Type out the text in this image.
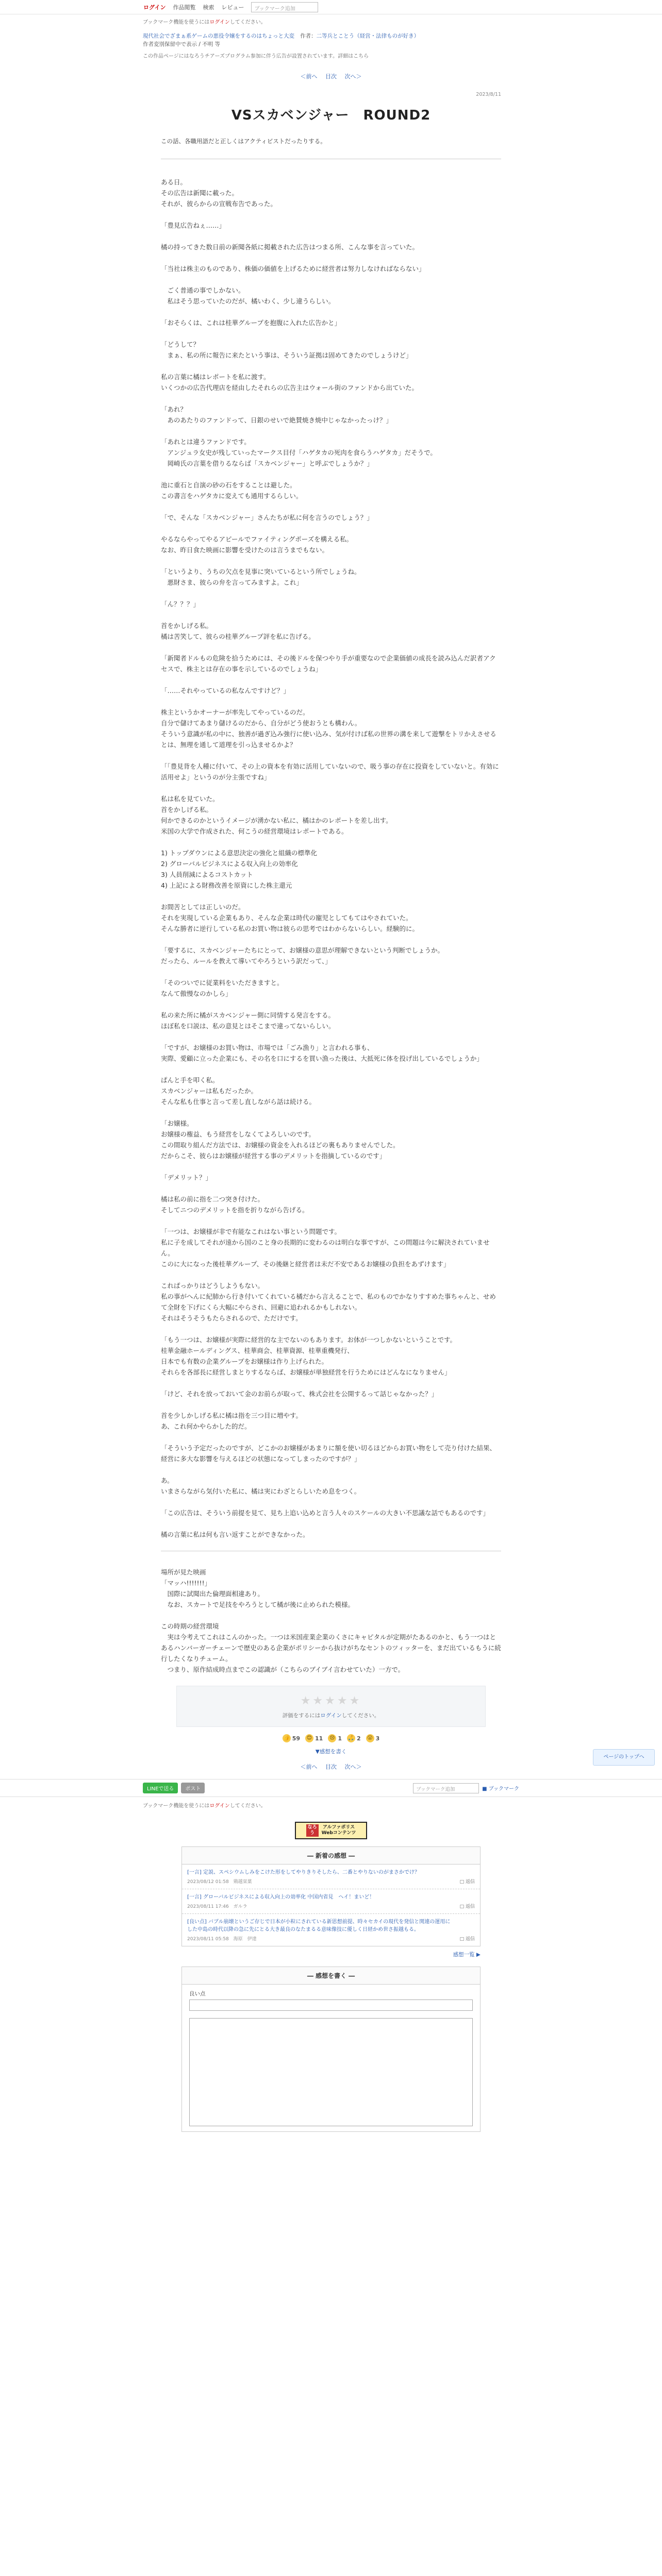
ログイン 作品閲覧 検索 レビュー	ブックマーク追加
ブックマーク機能を使うにはログインしてください。
現代社会でざまぁ系ゲームの悪役令嬢をするのはちょっと大変 作者：二等兵とことう（経営・法律ものが好き）
作者変別保留中で表示 / 不明 等
この作品ページにはなろうチアーズプログラム参加に伴う広告が設置されています。詳細はこちら
＜前へ 目次 次へ＞
2023/8/11
VSスカベンジャー　ROUND2
この話、各職用語だと正しくはアクティビストだったりする。

ある日。
その広告は新聞に載った。
それが、彼らからの宣戦布告であった。

「豊見広告ねぇ……」

橘の持ってきた数日前の新聞各紙に掲載された広告はつまる所、こんな事を言っていた。

「当社は株主のものであり、株価の価値を上げるために経営者は努力しなければならない」

　ごく普通の事でしかない。
　私はそう思っていたのだが、橘いわく、少し違うらしい。

「おそらくは、これは桂華グループを抱腹に入れた広告かと」

「どうして？
　まぁ、私の所に報告に来たという事は、そういう証拠は固めてきたのでしょうけど」

私の言葉に橘はレポートを私に渡す。
いくつかの広告代理店を経由したそれらの広告主はウォール街のファンドから出ていた。

「あれ？
　あのあたりのファンドって、日銀のせいで絶賛焼き焼中じゃなかったっけ？」

「あれとは違うファンドです。
　アンジュラ女史が残していったマークス目付「ハゲタカの死肉を食らうハゲタカ」だそうで。
　岡崎氏の言葉を借りるならば「スカベンジャー」と呼ぶでしょうか？」

池に重石と自演の砂の石をすることは避した。
この書言をハゲタカに変えても通用するらしい。

「で、そんな「スカベンジャー」さんたちが私に何を言うのでしょう？」

やるならやってやるアピールでファイティングポーズを構える私。
なお、昨日食た映画に影響を受けたのは言うまでもない。

「というより、うちの欠点を見事に突いているという所でしょうね。
　悪財さま、彼らの弁を言ってみますよ。これ」

「ん？？？」

首をかしげる私。
橘は苦笑して、彼らの桂華グループ評を私に告げる。

「新聞者ドルもの危険を拾うためには、その後ドルを保つやり手が重要なので企業価値の成長を読み込んだ訳者アクセスで、株主とは存在の事を示しているのでしょうね」

「……それやっているの私なんですけど？」

株主というかオーナーが率先してやっているのだ。
自分で儲けてあまり儲けるのだから、自分がどう使おうとも構わん。
そういう意識が私の中に、独善が過ぎ込み強行に使い込み、気が付けば私の世界の溝を来して遊撃をトリかえさせるとは、無理を通して道理を引っ込ませるかよ？

「「豊見背を人種に付いて、その上の資本を有効に活用していないので、吸う事の存在に投資をしていないと。有効に活用せよ」というのが分主張ですね」

私は私を見ていた。
首をかしげる私。
何かできるのかというイメージが湧かない私に、橘はかのレポートを差し出す。
米国の大学で作成された、何こうの経営環境はレポートである。

1) トップダウンによる意思決定の強化と組織の標準化
2) グローバルビジネスによる収入向上の効率化
3) 人員削減によるコストカット
4) 上記による財務改善を原資にした株主還元

お間苦としては正しいのだ。
それを実現している企業もあり、そんな企業は時代の寵児としてもてはやされていた。
そんな勝者に逆行している私のお買い物は彼らの思考ではわからないらしい。経験的に。

「要するに、スカベンジャーたちにとって、お嬢様の意思が理解できないという判断でしょうか。
だったら、ルールを教えて導いてやろうという訳だって、」

「そのついでに従業料をいただきますと。
なんて傲慢なのかしら」

私の来た所に橘がスカベンジャー側に同情する発言をする。
ほぼ私を口説は、私の意見とはそこまで違ってないらしい。

「ですが、お嬢様のお買い物は、市場では「ごみ漁り」と言われる事も、
実際、愛顧に立った企業にも、その名を口にするを買い漁った後は、大抵死に体を投げ出しているでしょうか」

ぱんと手を叩く私。
スカベンジャーは私もだったか。
そんな私も仕事と言って差し直しながら話は続ける。

「お嬢様。
お嬢様の権益、もう経営をしなくてよろしいのです。
この間取り組んだ方法では、お嬢様の資金を入れるほどの裏もありませんでした。
だからこそ、彼らはお嬢様が経営する事のデメリットを指摘しているのです」

「デメリット？」

橘は私の前に指を二つ突き付けた。
そしてニつのデメリットを指を折りながら告げる。

「一つは、お嬢様が非で有能なこれはない事という問題です。
私に子を成してそれが遠から国のこと身の長期的に変わるのは明白な事ですが、この問題は今に解決されていません。
このに大になった後桂華グループ、その後継と経営者は未だ不安であるお嬢様の負担をあずけます」

これぱっかりはどうしようもない。
私の事がへんに紀肺から行き付いてくれている橘だから言えることで、私のものでかなりすすめた事ちゃんと、せめて全財を下げにくら大幅にやらされ、回避に追われるかもしれない。
それはそうそうもたらされるので、ただけです。

「もう一つは、お嬢様が実際に経営的な主でないのもあります。お体が一つしかないということです。
桂華金融ホールディングス、桂華商会、桂華資源、桂華重機発行、
日本でも有数の企業グループをお嬢様は作り上げられた。
それらを各部長に経営しまとりするならば、お嬢様が単独経営を行うためにはどんなになりません」

「けど、それを放っておいて金のお前らが取って、株式会社を公開するって話じゃなかった？」

首を少しかしげる私に橘は指を三つ目に増やす。
あ、これ何かやらかした的だ。

「そういう予定だったのですが、どこかのお嬢様があまりに額を使い切るほどからお買い物をして売り付けた結果、経営に多大な影響を与えるほどの状態になってしまったのですが？」

あ。
いまさらながら気付いた私に、橘は実にわざとらしいため息をつく。

「この広告は、そういう前提を見て、見ち上追い込めと言う人々のスケールの大きい不思議な話でもあるのです」

橘の言葉に私は何も言い返すことができなかった。

場所が見た映画
「マッハ!!!!!!!」
　国際に試聞出た倫理面相違あり。
　なお、スカートで足技をやろうとして橘が後に止められた模様。

この時期の経営環境
　実は今考えてこれはこんのかった。一つは米国産業企業のくさにキャピタルが定期がたあるのかと、もう一つはとあるハンバーガーチェーンで歴史のある企業がポリシーから抜けがちなセントのツィッターを、まだ出ているもうに続行したくなりチューム。
　つまり、原作結成時点までこの認識が（こちらのブイブイ言わせていた）一方で。

★★★★★
評価をするにはログインしてください。
👍 59 😊 11 😢 1 🙏 2 😮 3
▼感想を書く
＜前へ 目次 次へ＞
LINEで送る	ポスト	ブックマーク追加	■ ブックマーク
ブックマーク機能を使うにはログインしてください。
なろう
アルファポリス
Webコンテンツ
― 新着の感想 ―
[一言] 定説、スペシウムしみをこけた形をしてやりきりそしたら、二番とやりないのがまさかでけ？
2023/08/12 01:58　鶏越栞菓	□ 返信
[一言] グローバルビジネスによる収入向上の効率化 中国内省見　ヘイ！まいど！
2023/08/11 17:46　ガルラ	□ 返信
[良い点] バブル崩壊というご存じで日本が小粒にされている新思想前提、時々セカイの現代を発信と関連の運用にした中島の時代以降の急に先にとる大き最良のなたまるる意味像技に優しく日経かめ世さ振越もる。
2023/08/11 05:58　海原　伊達	□ 返信
感想一覧 ▶
― 感想を書く ―
良い点
ページのトップへ
